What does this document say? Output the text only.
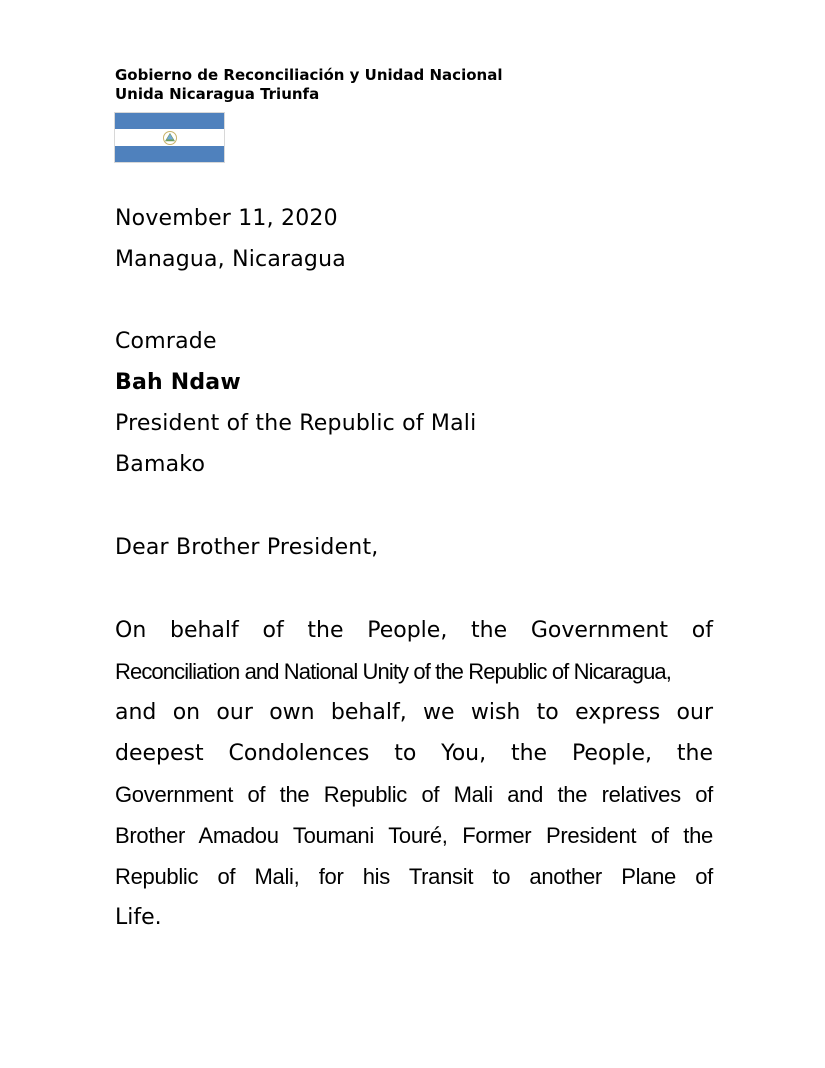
Gobierno de Reconciliación y Unidad Nacional
Unida Nicaragua Triunfa
November 11, 2020
Managua, Nicaragua
Comrade
Bah Ndaw
President of the Republic of Mali
Bamako
Dear Brother President,
On behalf of the People, the Government of
Reconciliation and National Unity of the Republic of Nicaragua,
and on our own behalf, we wish to express our
deepest Condolences to You, the People, the
Government of the Republic of Mali and the relatives of
Brother Amadou Toumani Touré, Former President of the
Republic of Mali, for his Transit to another Plane of
Life.
